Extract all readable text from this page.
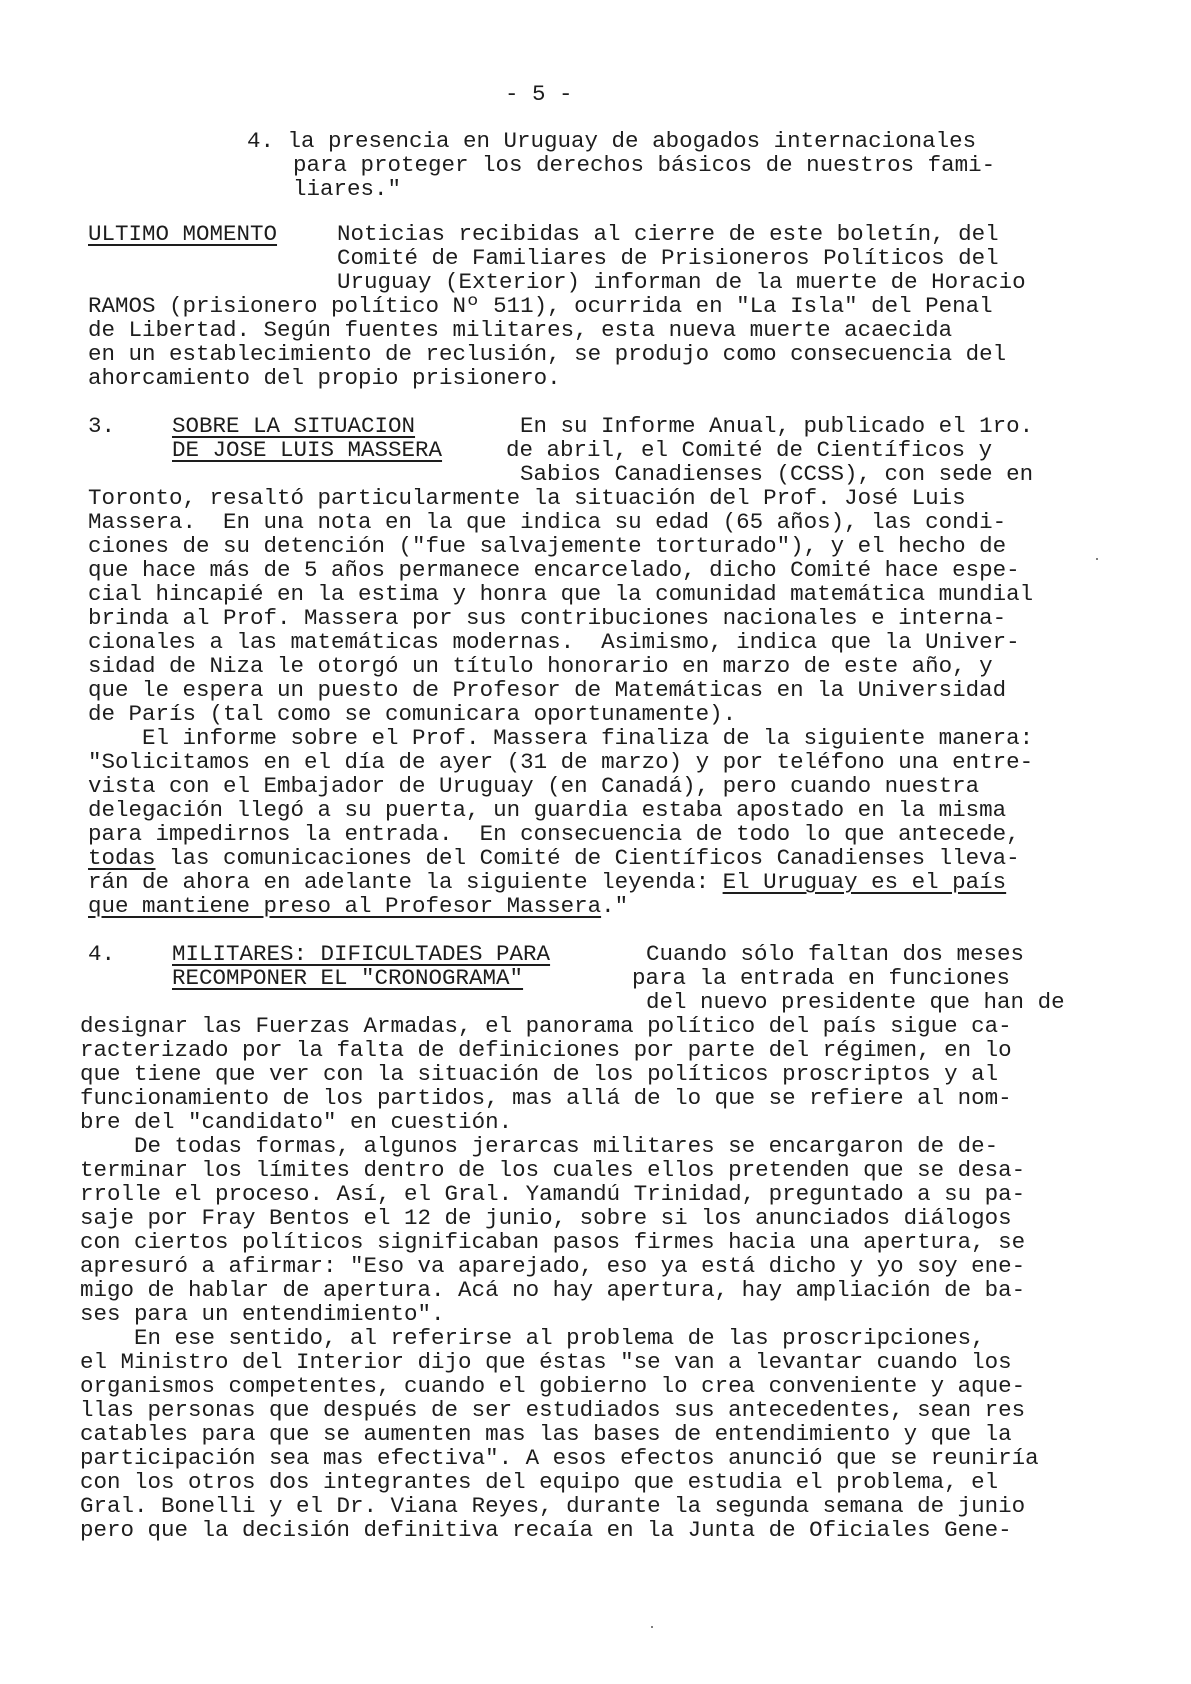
- 5 -
4. la presencia en Uruguay de abogados internacionales
para proteger los derechos básicos de nuestros fami-
liares."
ULTIMO MOMENTO	Noticias recibidas al cierre de este boletín, del
Comité de Familiares de Prisioneros Políticos del
Uruguay (Exterior) informan de la muerte de Horacio
RAMOS (prisionero político Nº 511), ocurrida en "La Isla" del Penal
de Libertad. Según fuentes militares, esta nueva muerte acaecida
en un establecimiento de reclusión, se produjo como consecuencia del
ahorcamiento del propio prisionero.
3.	SOBRE LA SITUACION
DE JOSE LUIS MASSERA
En su Informe Anual, publicado el 1ro.
de abril, el Comité de Científicos y
Sabios Canadienses (CCSS), con sede en
Toronto, resaltó particularmente la situación del Prof. José Luis
Massera.  En una nota en la que indica su edad (65 años), las condi-
ciones de su detención ("fue salvajemente torturado"), y el hecho de
que hace más de 5 años permanece encarcelado, dicho Comité hace espe-
cial hincapié en la estima y honra que la comunidad matemática mundial
brinda al Prof. Massera por sus contribuciones nacionales e interna-
cionales a las matemáticas modernas.  Asimismo, indica que la Univer-
sidad de Niza le otorgó un título honorario en marzo de este año, y
que le espera un puesto de Profesor de Matemáticas en la Universidad
de París (tal como se comunicara oportunamente).
El informe sobre el Prof. Massera finaliza de la siguiente manera:
"Solicitamos en el día de ayer (31 de marzo) y por teléfono una entre-
vista con el Embajador de Uruguay (en Canadá), pero cuando nuestra
delegación llegó a su puerta, un guardia estaba apostado en la misma
para impedirnos la entrada.  En consecuencia de todo lo que antecede,
todas las comunicaciones del Comité de Científicos Canadienses lleva-
rán de ahora en adelante la siguiente leyenda: El Uruguay es el país
que mantiene preso al Profesor Massera."
4.	MILITARES: DIFICULTADES PARA
RECOMPONER EL "CRONOGRAMA"
Cuando sólo faltan dos meses
para la entrada en funciones
del nuevo presidente que han de
designar las Fuerzas Armadas, el panorama político del país sigue ca-
racterizado por la falta de definiciones por parte del régimen, en lo
que tiene que ver con la situación de los políticos proscriptos y al
funcionamiento de los partidos, mas allá de lo que se refiere al nom-
bre del "candidato" en cuestión.
De todas formas, algunos jerarcas militares se encargaron de de-
terminar los límites dentro de los cuales ellos pretenden que se desa-
rrolle el proceso. Así, el Gral. Yamandú Trinidad, preguntado a su pa-
saje por Fray Bentos el 12 de junio, sobre si los anunciados diálogos
con ciertos políticos significaban pasos firmes hacia una apertura, se
apresuró a afirmar: "Eso va aparejado, eso ya está dicho y yo soy ene-
migo de hablar de apertura. Acá no hay apertura, hay ampliación de ba-
ses para un entendimiento".
En ese sentido, al referirse al problema de las proscripciones,
el Ministro del Interior dijo que éstas "se van a levantar cuando los
organismos competentes, cuando el gobierno lo crea conveniente y aque-
llas personas que después de ser estudiados sus antecedentes, sean res
catables para que se aumenten mas las bases de entendimiento y que la
participación sea mas efectiva". A esos efectos anunció que se reuniría
con los otros dos integrantes del equipo que estudia el problema, el
Gral. Bonelli y el Dr. Viana Reyes, durante la segunda semana de junio
pero que la decisión definitiva recaía en la Junta de Oficiales Gene-
